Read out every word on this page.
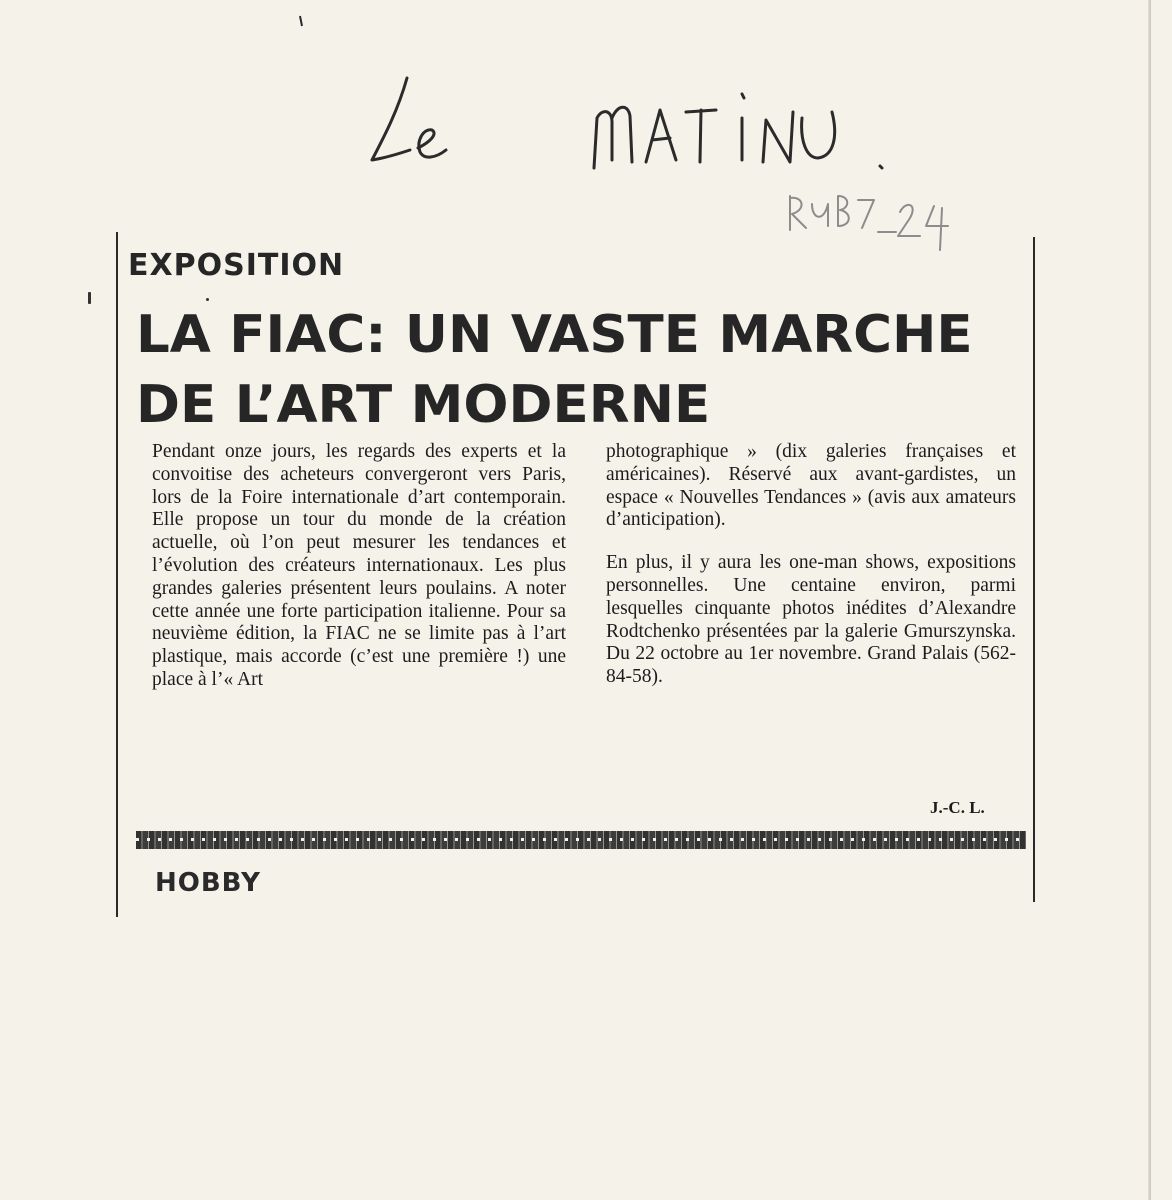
EXPOSITION
LA FIAC: UN VASTE MARCHE
DE L’ART MODERNE

Pendant onze jours, les regards des experts et la convoitise des acheteurs convergeront vers Paris, lors de la Foire internationale d’art contemporain. Elle propose un tour du monde de la création actuelle, où l’on peut mesurer les tendances et l’évolution des créateurs internationaux. Les plus grandes galeries présentent leurs poulains. A noter cette année une forte participation italienne. Pour sa neuvième édition, la FIAC ne se limite pas à l’art plastique, mais accorde (c’est une première !) une place à l’« Art

photographique » (dix galeries françaises et américaines). Réservé aux avant-gardistes, un espace « Nouvelles Tendances » (avis aux amateurs d’anticipation).

En plus, il y aura les one-man shows, expositions personnelles. Une centaine environ, parmi lesquelles cinquante photos inédites d’Alexandre Rodtchenko présentées par la galerie Gmurszynska. Du 22 octobre au 1er novembre. Grand Palais (562-84-58).

J.-C. L.

HOBBY
